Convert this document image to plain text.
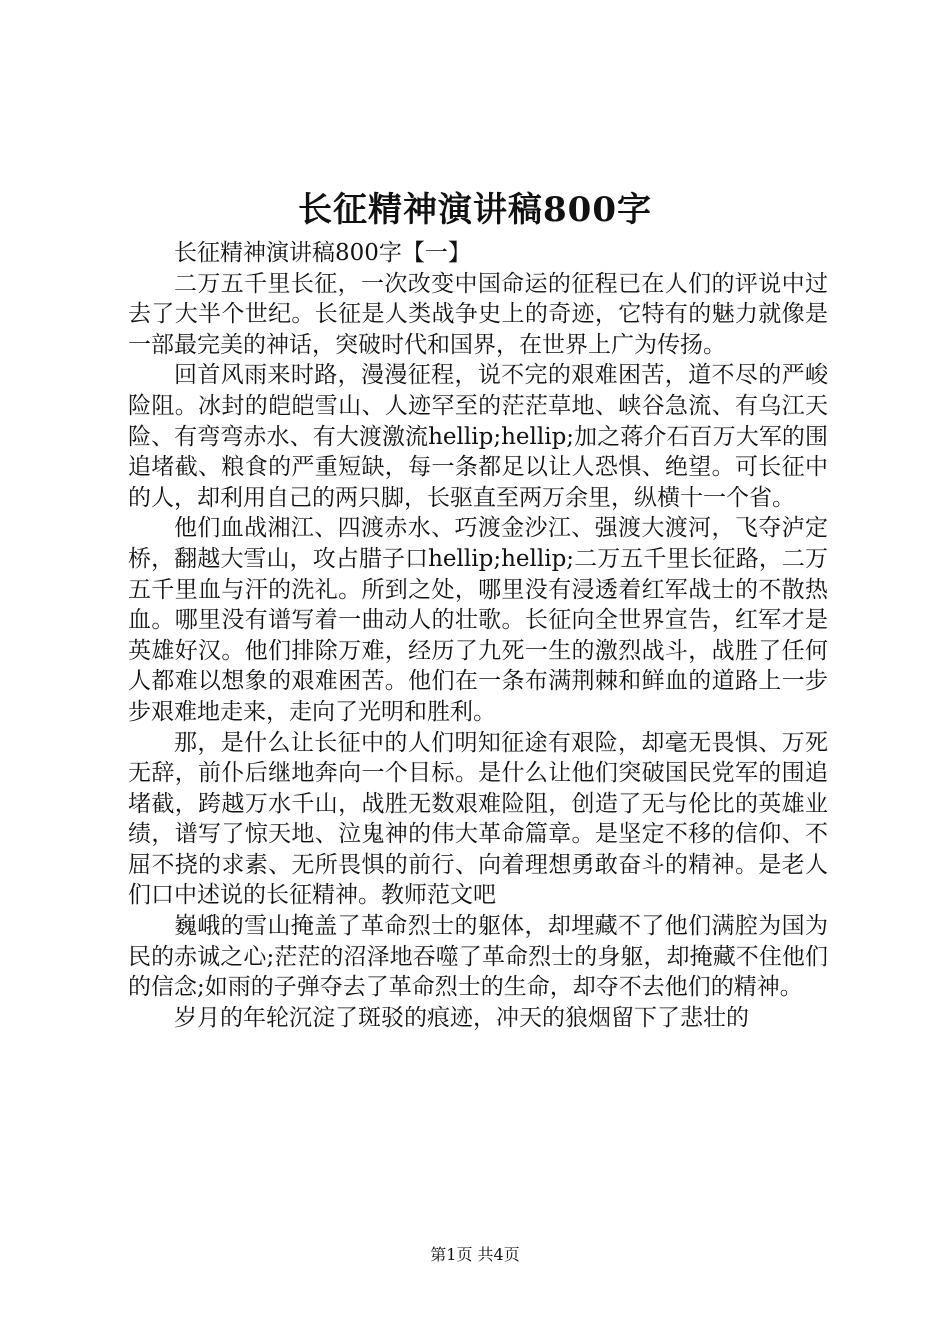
长征精神演讲稿800字

长征精神演讲稿800字【一】

二万五千里长征，一次改变中国命运的征程已在人们的评说中过去了大半个世纪。长征是人类战争史上的奇迹，它特有的魅力就像是一部最完美的神话，突破时代和国界，在世界上广为传扬。

回首风雨来时路，漫漫征程，说不完的艰难困苦，道不尽的严峻险阻。冰封的皑皑雪山、人迹罕至的茫茫草地、峡谷急流、有乌江天险、有弯弯赤水、有大渡激流hellip;hellip;加之蒋介石百万大军的围追堵截、粮食的严重短缺，每一条都足以让人恐惧、绝望。可长征中的人，却利用自己的两只脚，长驱直至两万余里，纵横十一个省。

他们血战湘江、四渡赤水、巧渡金沙江、强渡大渡河，飞夺泸定桥，翻越大雪山，攻占腊子口hellip;hellip;二万五千里长征路，二万五千里血与汗的洗礼。所到之处，哪里没有浸透着红军战士的不散热血。哪里没有谱写着一曲动人的壮歌。长征向全世界宣告，红军才是英雄好汉。他们排除万难，经历了九死一生的激烈战斗，战胜了任何人都难以想象的艰难困苦。他们在一条布满荆棘和鲜血的道路上一步步艰难地走来，走向了光明和胜利。

那，是什么让长征中的人们明知征途有艰险，却毫无畏惧、万死无辞，前仆后继地奔向一个目标。是什么让他们突破国民党军的围追堵截，跨越万水千山，战胜无数艰难险阻，创造了无与伦比的英雄业绩，谱写了惊天地、泣鬼神的伟大革命篇章。是坚定不移的信仰、不屈不挠的求素、无所畏惧的前行、向着理想勇敢奋斗的精神。是老人们口中述说的长征精神。教师范文吧

巍峨的雪山掩盖了革命烈士的躯体，却埋藏不了他们满腔为国为民的赤诚之心;茫茫的沼泽地吞噬了革命烈士的身躯，却掩藏不住他们的信念;如雨的子弹夺去了革命烈士的生命，却夺不去他们的精神。

岁月的年轮沉淀了斑驳的痕迹，冲天的狼烟留下了悲壮的

第1页 共4页
